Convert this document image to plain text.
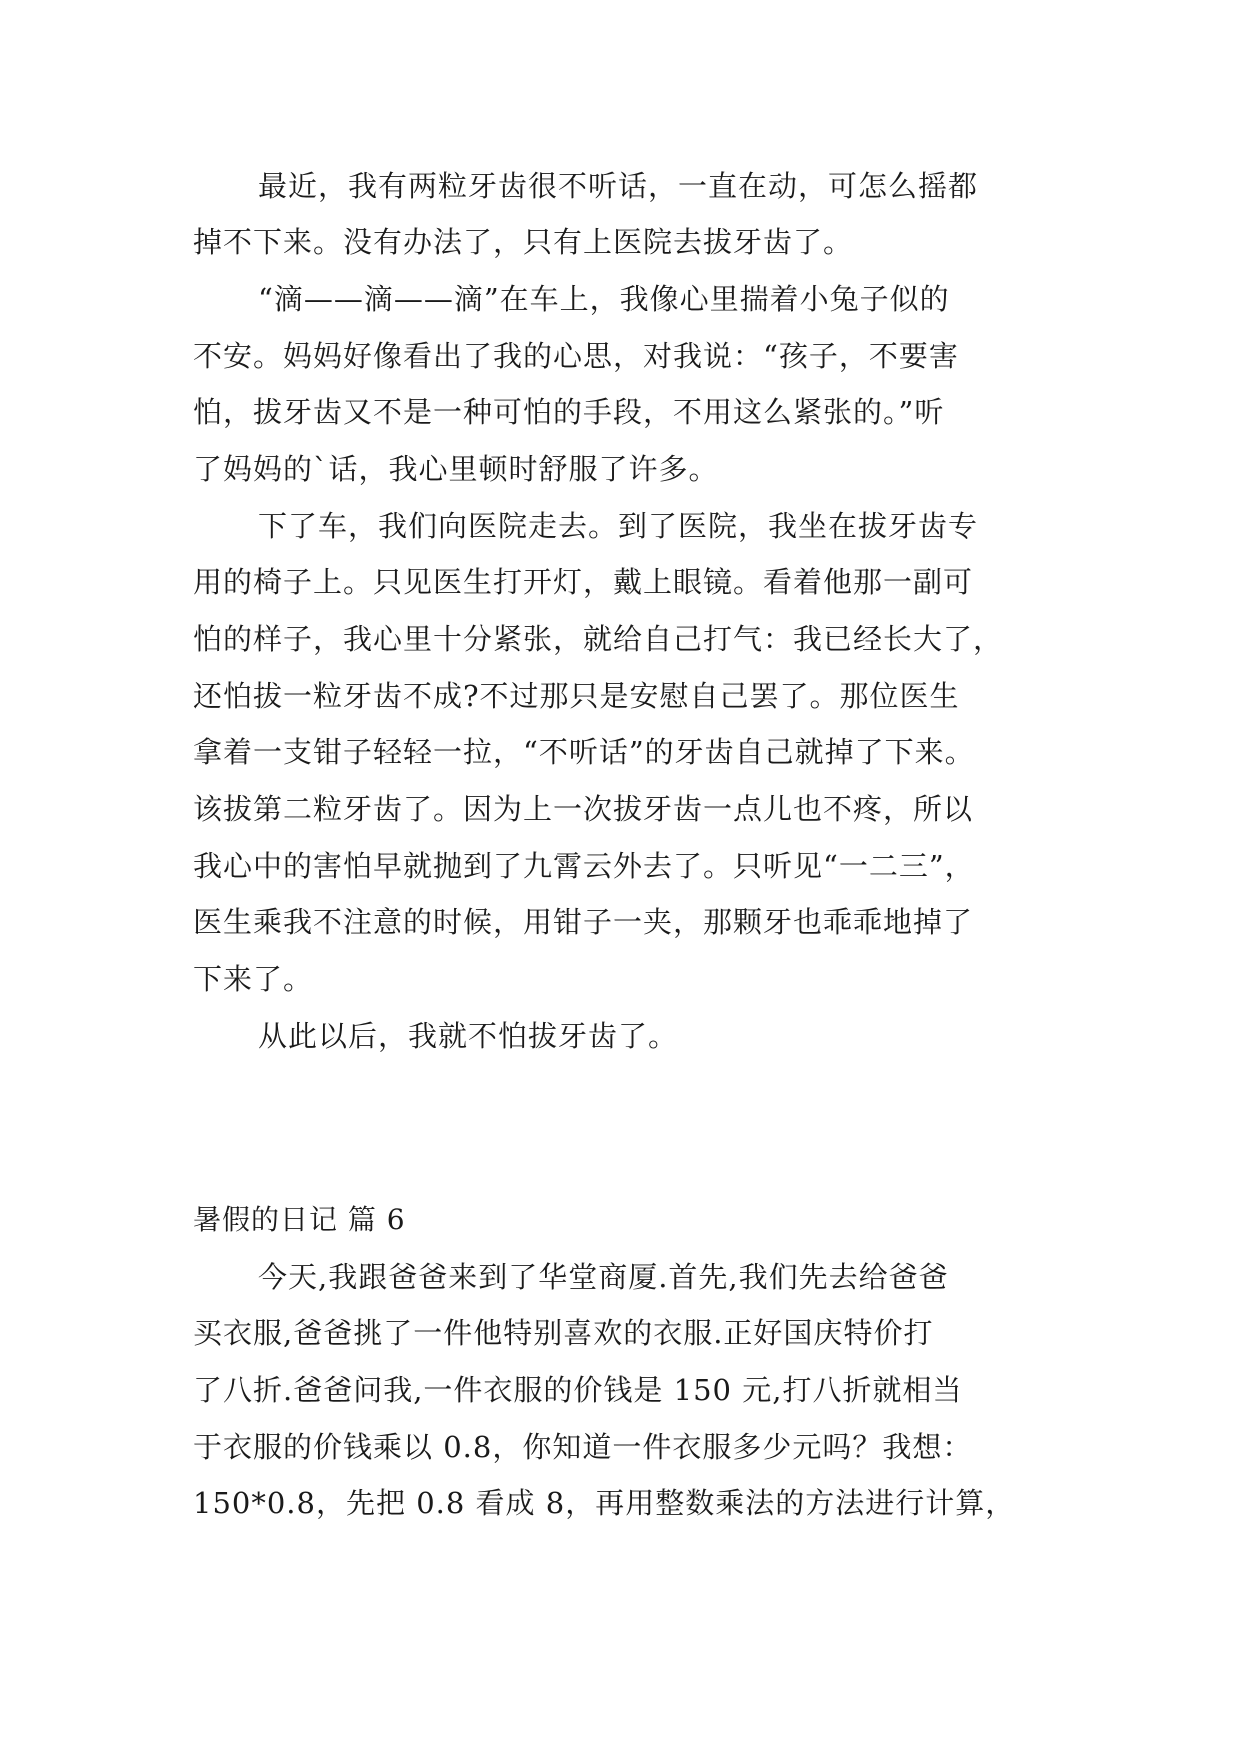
最近，我有两粒牙齿很不听话，一直在动，可怎么摇都
掉不下来。没有办法了，只有上医院去拔牙齿了。
“滴——滴——滴”在车上，我像心里揣着小兔子似的
不安。妈妈好像看出了我的心思，对我说：“孩子，不要害
怕，拔牙齿又不是一种可怕的手段，不用这么紧张的。”听
了妈妈的`话，我心里顿时舒服了许多。
下了车，我们向医院走去。到了医院，我坐在拔牙齿专
用的椅子上。只见医生打开灯，戴上眼镜。看着他那一副可
怕的样子，我心里十分紧张，就给自己打气：我已经长大了，
还怕拔一粒牙齿不成?不过那只是安慰自己罢了。那位医生
拿着一支钳子轻轻一拉，“不听话”的牙齿自己就掉了下来。
该拔第二粒牙齿了。因为上一次拔牙齿一点儿也不疼，所以
我心中的害怕早就抛到了九霄云外去了。只听见“一二三”，
医生乘我不注意的时候，用钳子一夹，那颗牙也乖乖地掉了
下来了。
从此以后，我就不怕拔牙齿了。
暑假的日记 篇 6
今天,我跟爸爸来到了华堂商厦.首先,我们先去给爸爸
买衣服,爸爸挑了一件他特别喜欢的衣服.正好国庆特价打
了八折.爸爸问我,一件衣服的价钱是 150 元,打八折就相当
于衣服的价钱乘以 0.8，你知道一件衣服多少元吗？我想：
150*0.8，先把 0.8 看成 8，再用整数乘法的方法进行计算，
